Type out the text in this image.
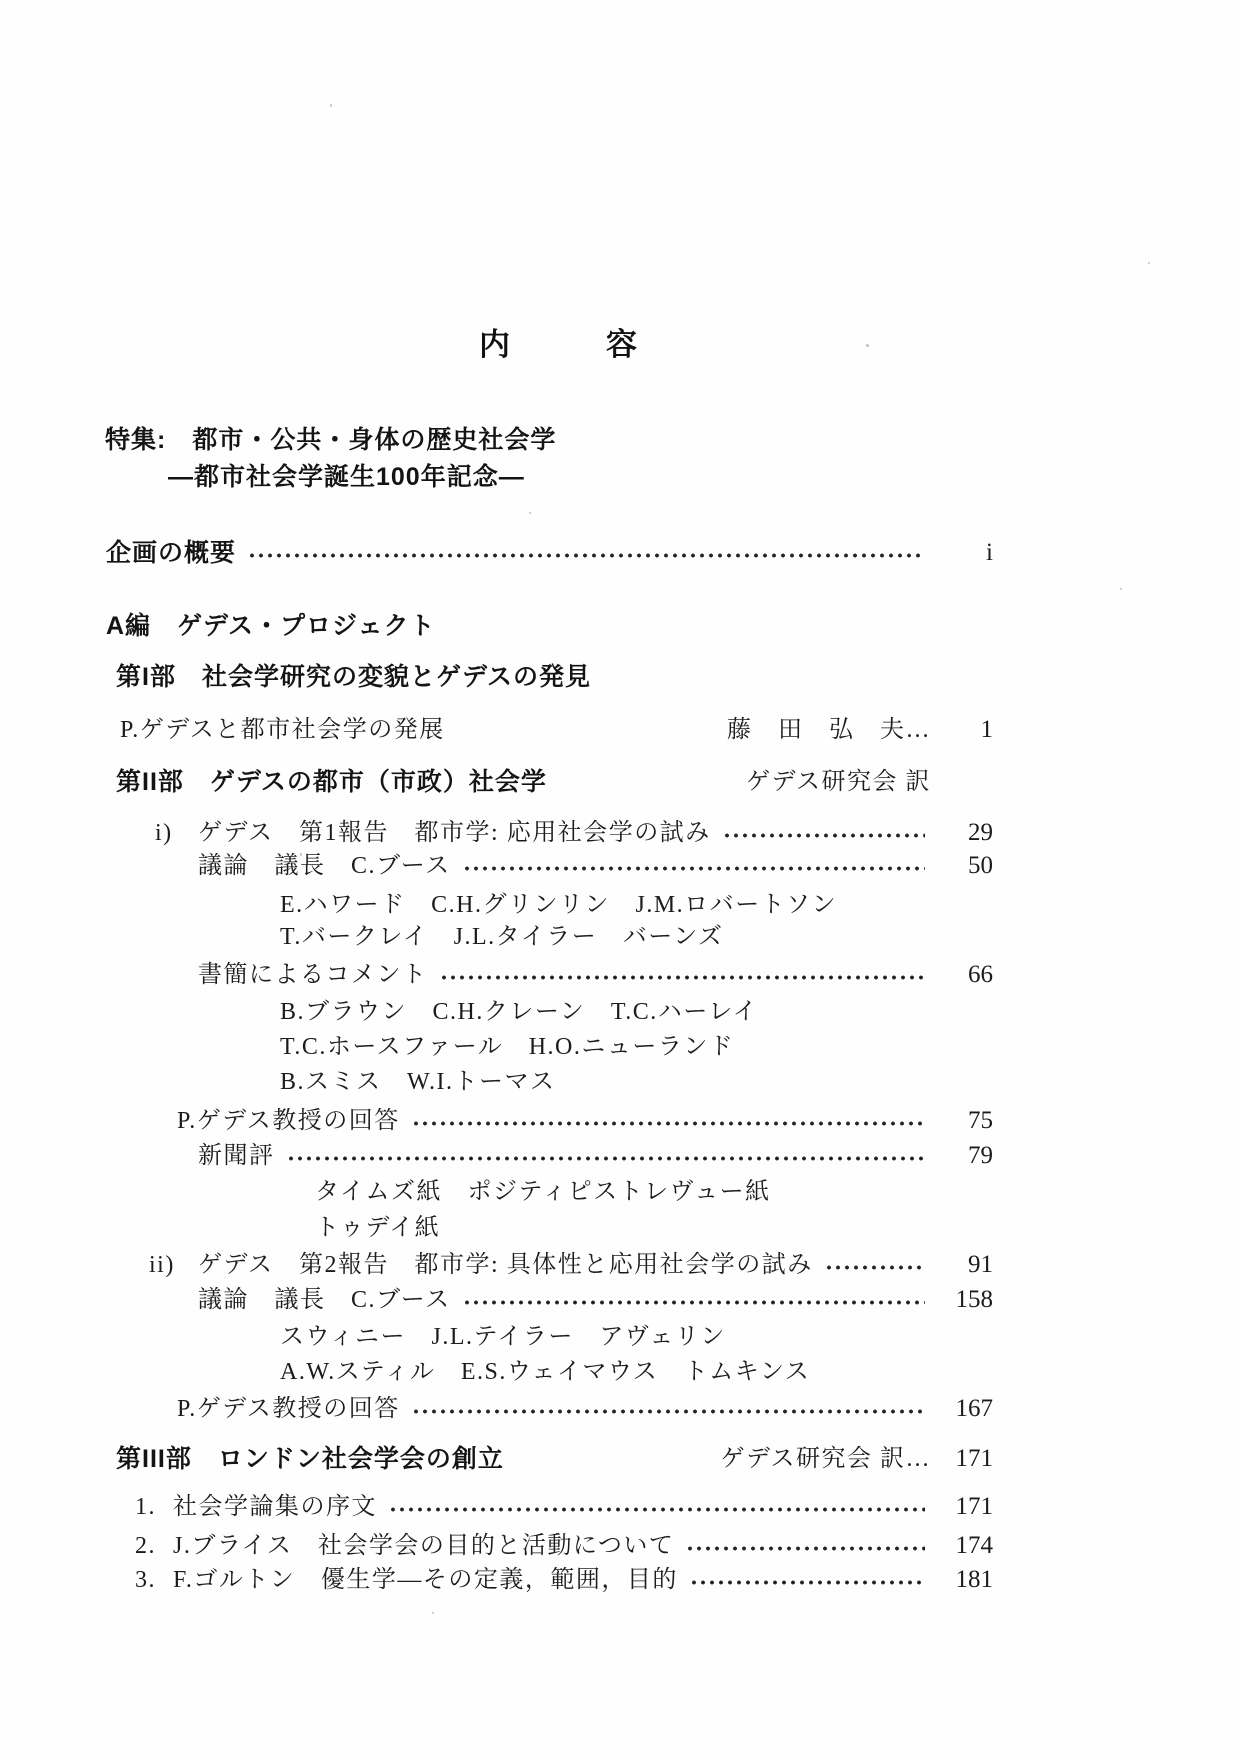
内容
特集:　都市・公共・身体の歴史社会学
―都市社会学誕生100年記念―
企画の概要	i
A編　ゲデス・プロジェクト
第I部　社会学研究の変貌とゲデスの発見
P.ゲデスと都市社会学の発展	藤　田　弘　夫…	1
第II部　ゲデスの都市（市政）社会学	ゲデス研究会 訳
i)	ゲデス　第1報告　都市学: 応用社会学の試み	29
議論　議長　C.ブース	50
E.ハワード　C.H.グリンリン　J.M.ロバートソン
T.バークレイ　J.L.タイラー　バーンズ
書簡によるコメント	66
B.ブラウン　C.H.クレーン　T.C.ハーレイ
T.C.ホースファール　H.O.ニューランド
B.スミス　W.I.トーマス
P.ゲデス教授の回答	75
新聞評	79
タイムズ紙　ポジティピストレヴュー紙
トゥデイ紙
ii) ゲデス　第2報告　都市学: 具体性と応用社会学の試み	91
議論　議長　C.ブース	158
スウィニー　J.L.テイラー　アヴェリン
A.W.スティル　E.S.ウェイマウス　トムキンス
P.ゲデス教授の回答	167
第III部　ロンドン社会学会の創立	ゲデス研究会 訳… 171
1. 社会学論集の序文	171
2. J.ブライス　社会学会の目的と活動について	174
3. F.ゴルトン　優生学―その定義，範囲，目的	181
